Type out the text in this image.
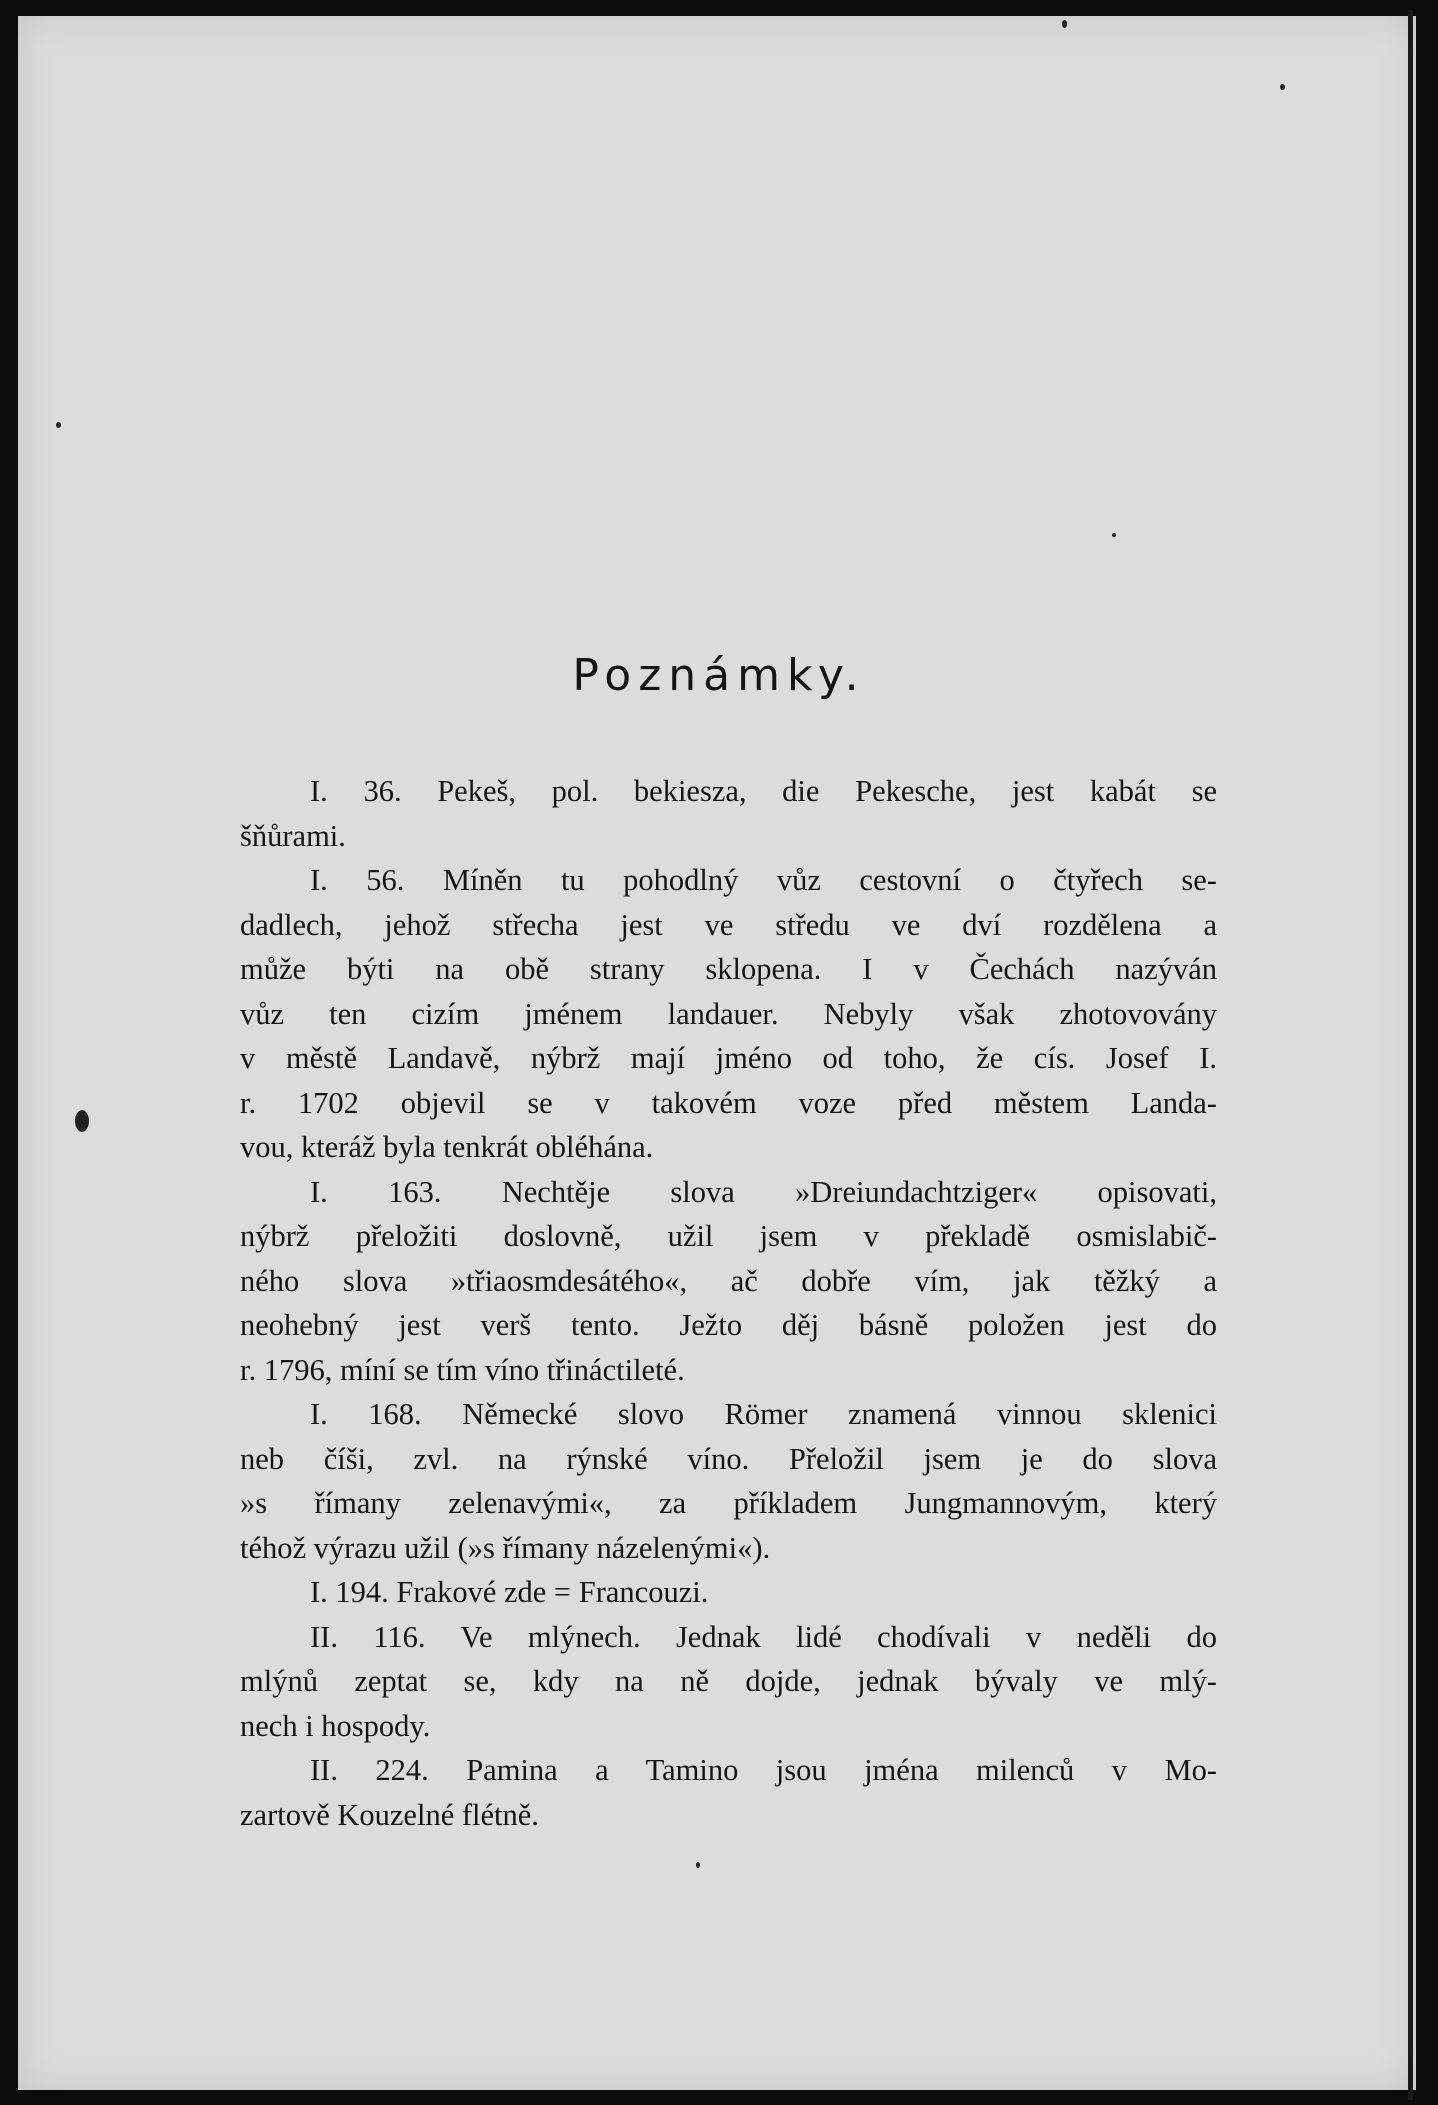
Poznámky.
I. 36. Pekeš, pol. bekiesza, die Pekesche, jest kabát se
šňůrami.
I. 56. Míněn tu pohodlný vůz cestovní o čtyřech se-
dadlech, jehož střecha jest ve středu ve dví rozdělena a
může býti na obě strany sklopena. I v Čechách nazýván
vůz ten cizím jménem landauer. Nebyly však zhotovovány
v městě Landavě, nýbrž mají jméno od toho, že cís. Josef I.
r. 1702 objevil se v takovém voze před městem Landa-
vou, kteráž byla tenkrát obléhána.
I. 163. Nechtěje slova »Dreiundachtziger« opisovati,
nýbrž přeložiti doslovně, užil jsem v překladě osmislabič-
ného slova »třiaosmdesátého«, ač dobře vím, jak těžký a
neohebný jest verš tento. Ježto děj básně položen jest do
r. 1796, míní se tím víno třináctileté.
I. 168. Německé slovo Römer znamená vinnou sklenici
neb číši, zvl. na rýnské víno. Přeložil jsem je do slova
»s římany zelenavými«, za příkladem Jungmannovým, který
téhož výrazu užil (»s římany názelenými«).
I. 194. Frakové zde = Francouzi.
II. 116. Ve mlýnech. Jednak lidé chodívali v neděli do
mlýnů zeptat se, kdy na ně dojde, jednak bývaly ve mlý-
nech i hospody.
II. 224. Pamina a Tamino jsou jména milenců v Mo-
zartově Kouzelné flétně.
